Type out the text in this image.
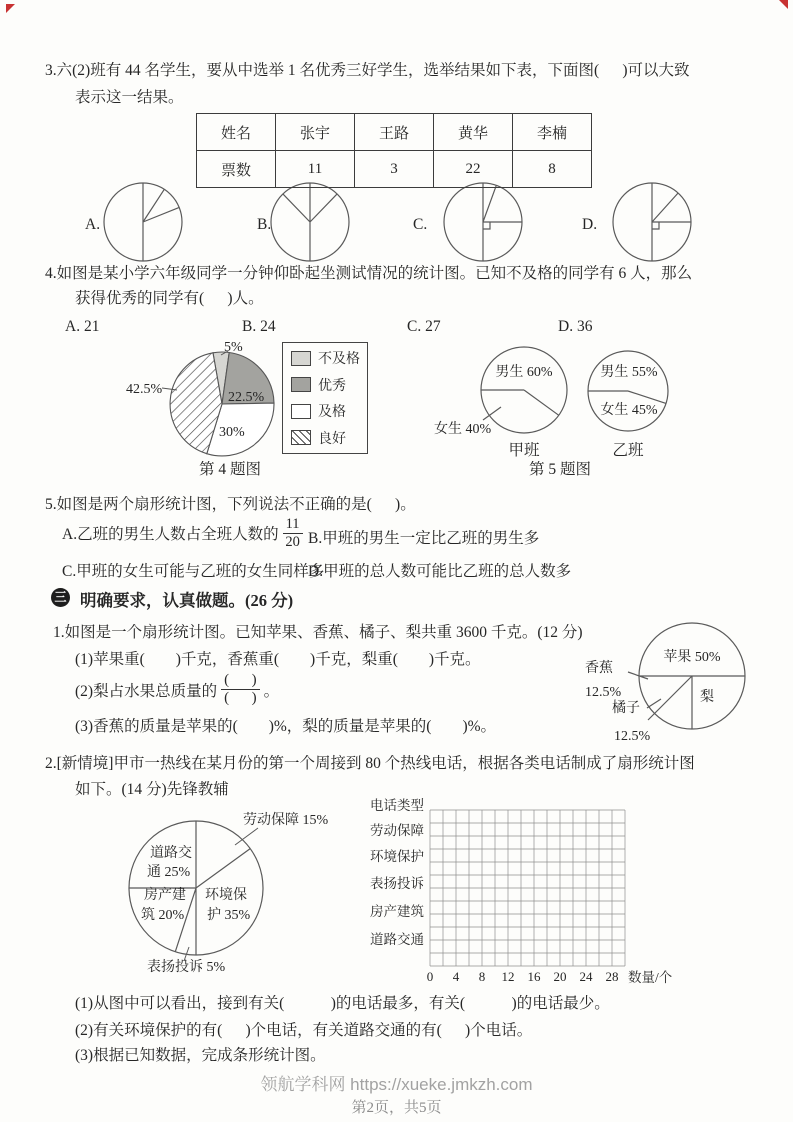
3.六(2)班有 44 名学生，要从中选举 1 名优秀三好学生，选举结果如下表，下面图(      )可以大致
表示这一结果。
姓名	张宇	王路	黄华	李楠
票数	11	3	22	8
A.	B.	C.	D.
4.如图是某小学六年级同学一分钟仰卧起坐测试情况的统计图。已知不及格的同学有 6 人，那么
获得优秀的同学有(      )人。
A. 21	B. 24	C. 27	D. 36
5%
42.5%
22.5%
30%
不及格
优秀
及格
良好
第 4 题图
男生 60%
女生 40%
甲班
男生 55%
女生 45%
乙班
第 5 题图
5.如图是两个扇形统计图，下列说法不正确的是(      )。
A.乙班的男生人数占全班人数的 $\frac{11}{20} B$.甲班的男生一定比乙班的男生多
C.甲班的女生可能与乙班的女生同样多
D.甲班的总人数可能比乙班的总人数多
三 明确要求，认真做题。(26 分)
1.如图是一个扇形统计图。已知苹果、香蕉、橘子、梨共重 3600 千克。(12 分)
(1)苹果重(        )千克，香蕉重(        )千克，梨重(        )千克。
(2)梨占水果总质量的 $\frac{( )}{( )}$ 。
(3)香蕉的质量是苹果的(        )%，梨的质量是苹果的(        )%。
苹果 50%
香蕉
12.5%
橘子
12.5%
梨
2.[新情境]甲市一热线在某月份的第一个周接到 80 个热线电话，根据各类电话制成了扇形统计图
如下。(14 分)先锋教辅
劳动保障 15%
道路交
通 25%
房产建
筑 20%
环境保
护 35%
表扬投诉 5%
电话类型
劳动保障
环境保护
表扬投诉
房产建筑
道路交通
0	4	8	12	16	20	24	28 数量/个
(1)从图中可以看出，接到有关(            )的电话最多，有关(            )的电话最少。
(2)有关环境保护的有(      )个电话，有关道路交通的有(      )个电话。
(3)根据已知数据，完成条形统计图。
领航学科网 https://xueke.jmkzh.com
第2页，共5页
